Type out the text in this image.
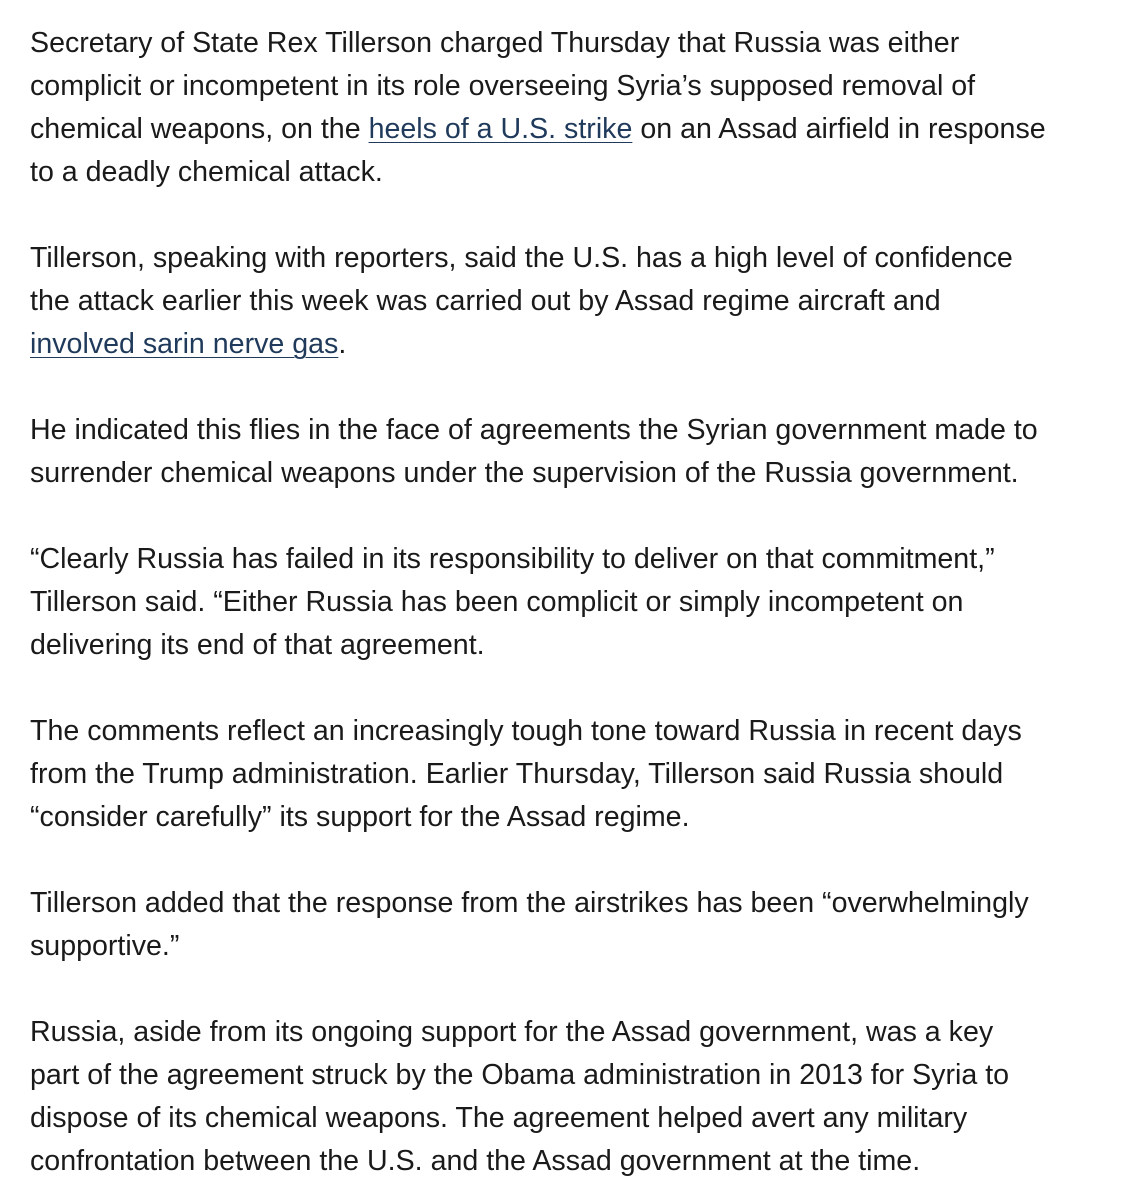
Secretary of State Rex Tillerson charged Thursday that Russia was either
complicit or incompetent in its role overseeing Syria’s supposed removal of
chemical weapons, on the heels of a U.S. strike on an Assad airfield in response
to a deadly chemical attack.

Tillerson, speaking with reporters, said the U.S. has a high level of confidence
the attack earlier this week was carried out by Assad regime aircraft and
involved sarin nerve gas.

He indicated this flies in the face of agreements the Syrian government made to
surrender chemical weapons under the supervision of the Russia government.

“Clearly Russia has failed in its responsibility to deliver on that commitment,”
Tillerson said. “Either Russia has been complicit or simply incompetent on
delivering its end of that agreement.

The comments reflect an increasingly tough tone toward Russia in recent days
from the Trump administration. Earlier Thursday, Tillerson said Russia should
“consider carefully” its support for the Assad regime.

Tillerson added that the response from the airstrikes has been “overwhelmingly
supportive.”

Russia, aside from its ongoing support for the Assad government, was a key
part of the agreement struck by the Obama administration in 2013 for Syria to
dispose of its chemical weapons. The agreement helped avert any military
confrontation between the U.S. and the Assad government at the time.
